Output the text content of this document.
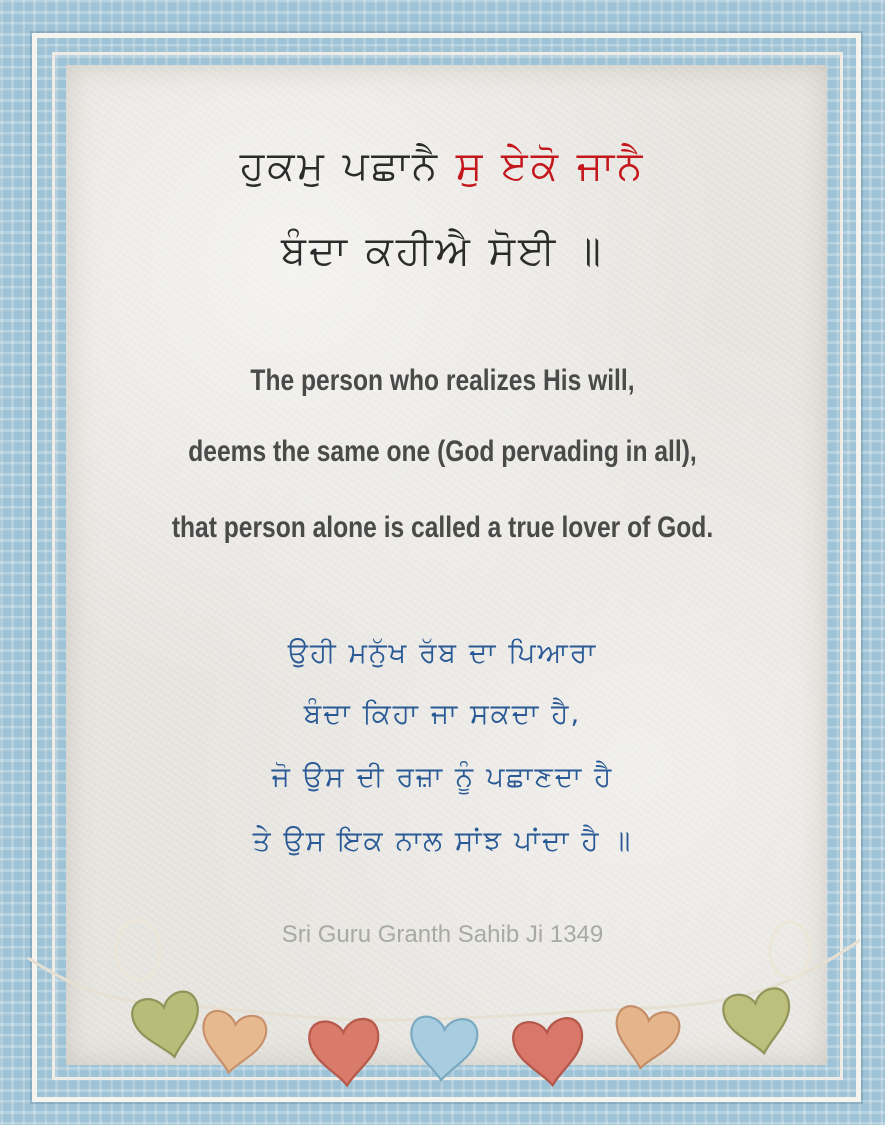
ਹੁਕਮੁ ਪਛਾਨੈ ਸੁ ਏਕੋ ਜਾਨੈ
ਬੰਦਾ ਕਹੀਐ ਸੋਈ ॥
The person who realizes His will,
deems the same one (God pervading in all),
that person alone is called a true lover of God.
ਉਹੀ ਮਨੁੱਖ ਰੱਬ ਦਾ ਪਿਆਰਾ
ਬੰਦਾ ਕਿਹਾ ਜਾ ਸਕਦਾ ਹੈ,
ਜੋ ਉਸ ਦੀ ਰਜ਼ਾ ਨੂੰ ਪਛਾਣਦਾ ਹੈ
ਤੇ ਉਸ ਇਕ ਨਾਲ ਸਾਂਝ ਪਾਂਦਾ ਹੈ ॥
Sri Guru Granth Sahib Ji 1349
